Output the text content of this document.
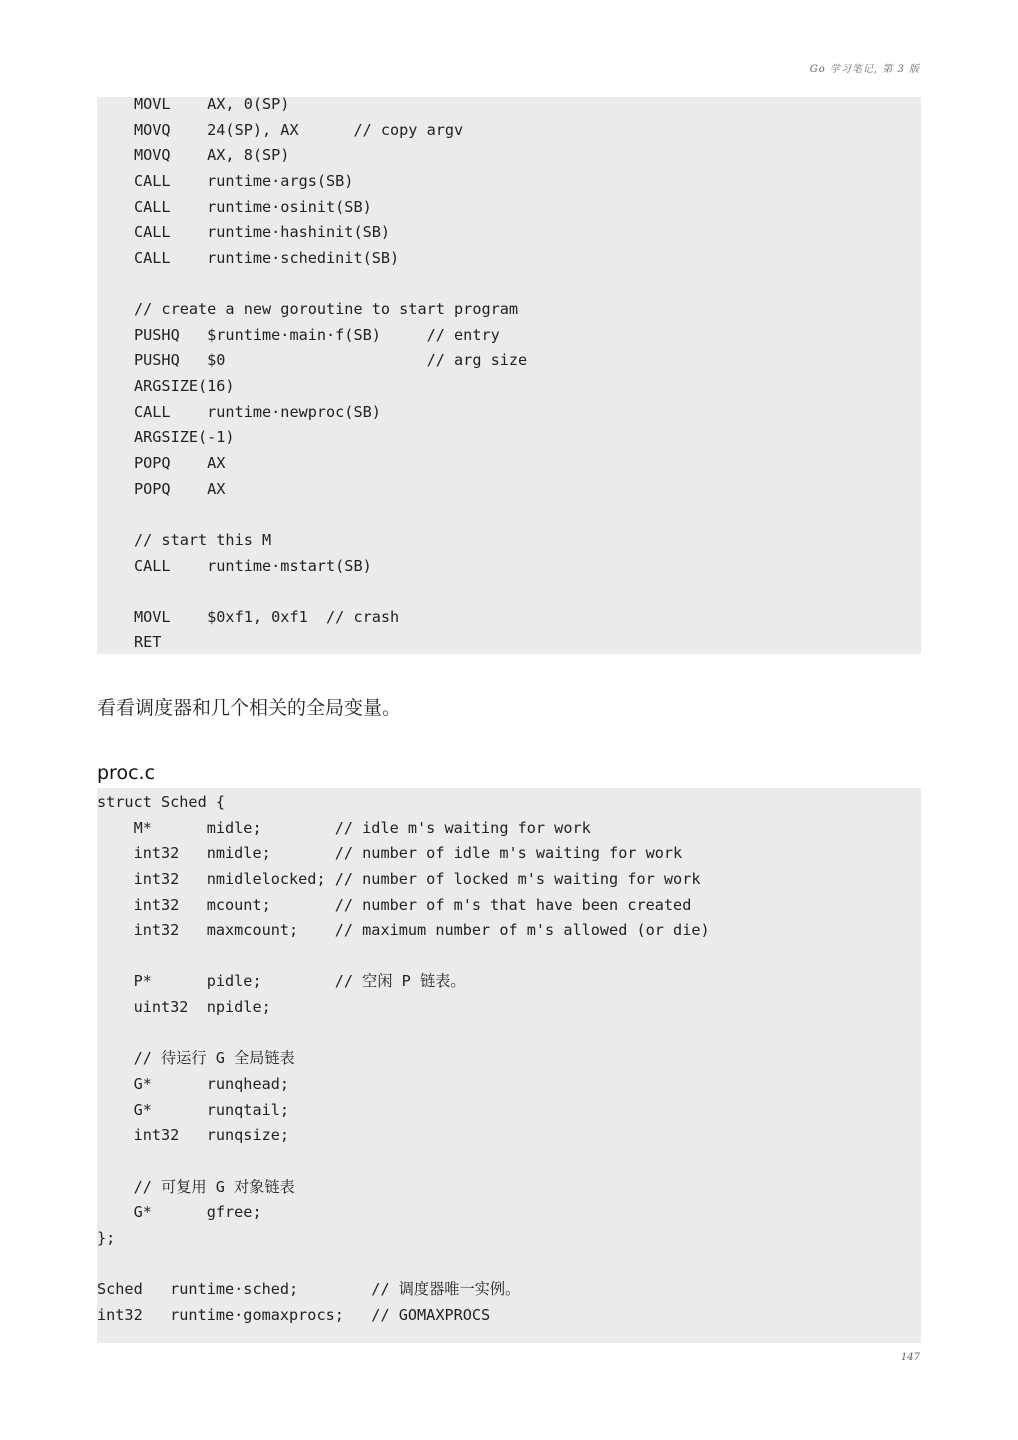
Go 学习笔记, 第 3 版
MOVL    AX, 0(SP)
MOVQ    24(SP), AX      // copy argv
MOVQ    AX, 8(SP)
CALL    runtime·args(SB)
CALL    runtime·osinit(SB)
CALL    runtime·hashinit(SB)
CALL    runtime·schedinit(SB)
// create a new goroutine to start program
PUSHQ   $runtime·main·f(SB)     // entry
PUSHQ   $0                      // arg size
ARGSIZE(16)
CALL    runtime·newproc(SB)
ARGSIZE(-1)
POPQ    AX
POPQ    AX
// start this M
CALL    runtime·mstart(SB)
MOVL    $0xf1, 0xf1  // crash
RET
看看调度器和几个相关的全局变量。
proc.c
struct Sched {
M*      midle;        // idle m's waiting for work
int32   nmidle;       // number of idle m's waiting for work
int32   nmidlelocked; // number of locked m's waiting for work
int32   mcount;       // number of m's that have been created
int32   maxmcount;    // maximum number of m's allowed (or die)
P*      pidle;        // 空闲 P 链表。
uint32  npidle;
// 待运行 G 全局链表
G*      runqhead;
G*      runqtail;
int32   runqsize;
// 可复用 G 对象链表
G*      gfree;
};
Sched   runtime·sched;        // 调度器唯一实例。
int32   runtime·gomaxprocs;   // GOMAXPROCS
147
